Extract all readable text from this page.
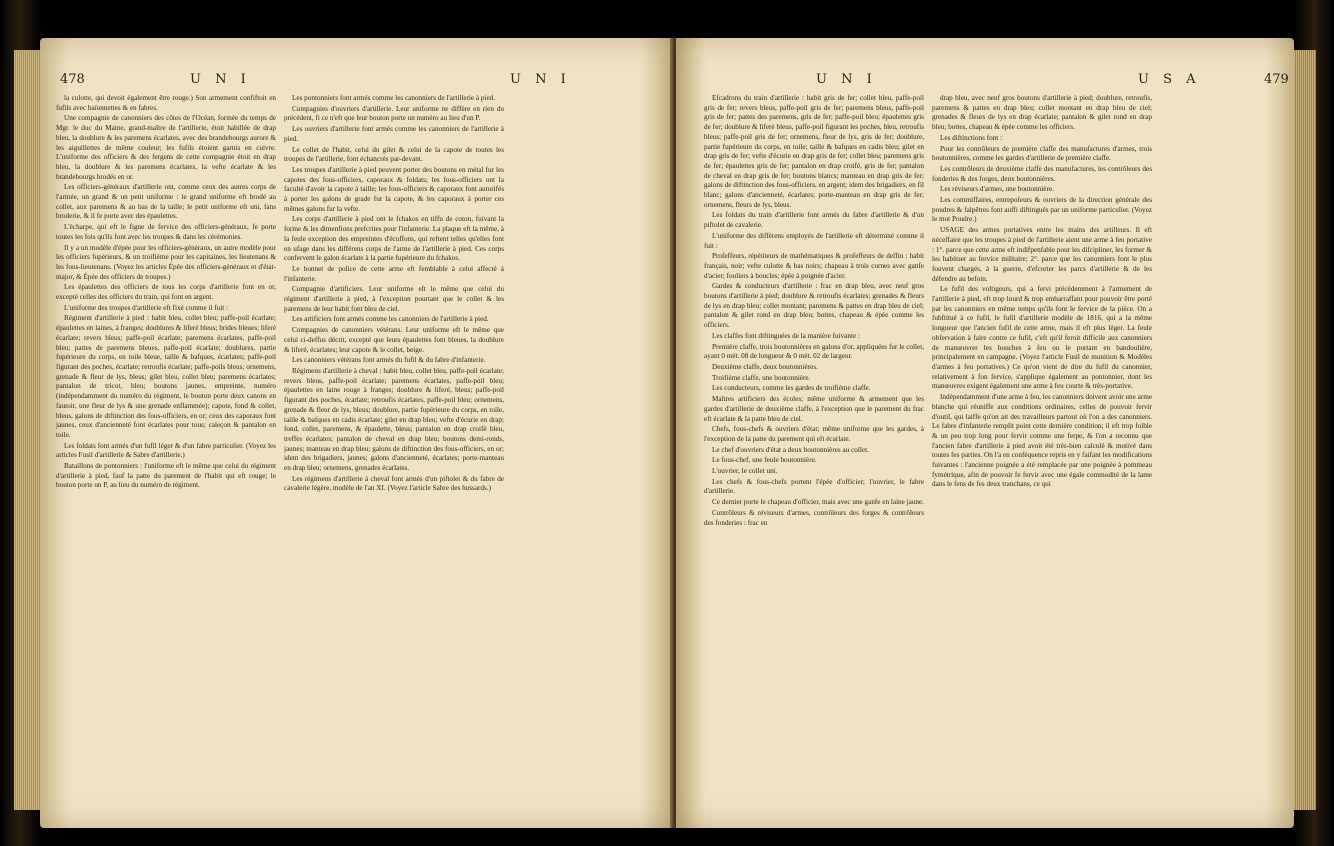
478	U N I	U N I

la culotte, qui devoit également être rouge.) Son armement confiftoit en fufils avec baïonnettes & en fabres.

Une compagnie de canonniers des côtes de l'Océan, formée du temps de Mgr. le duc du Maine, grand-maître de l'artillerie, étoit habillée de drap bleu, la doublure & les paremens écarlates, avec des brandebourgs aurore & les aiguillettes de même couleur; les fufils étoient garnis en cuivre. L'uniforme des officiers & des fergens de cette compagnie étoit en drap bleu, la doublure & les paremens écarlates, la vefte écarlate & les brandebourgs brodés en or.

Les officiers-généraux d'artillerie ont, comme ceux des autres corps de l'armée, un grand & un petit uniforme : le grand uniforme eft brodé au collet, aux paremens & au bas de la taille; le petit uniforme eft uni, fans broderie, & il fe porte avec des épaulettes.

L'écharpe, qui eft le figne de fervice des officiers-généraux, fe porte toutes les fois qu'ils font avec les troupes & dans les cérémonies.

Il y a un modèle d'épée pour les officiers-généraux, un autre modèle pour les officiers fupérieurs, & un troifième pour les capitaines, les lieutenans & les fous-lieutenans. (Voyez les articles Épée des officiers-généraux et d'état-major, & Épée des officiers de troupes.)

Les épaulettes des officiers de tous les corps d'artillerie font en or, excepté celles des officiers du train, qui font en argent.

L'uniforme des troupes d'artillerie eft fixé comme il fuit :

Régiment d'artillerie à pied : habit bleu, collet bleu; paffe-poil écarlate; épaulettes en laines, à franges; doublures & liferé bleus; brides bleues; liferé écarlate; revers bleus; paffe-poil écarlate; paremens écarlates, paffe-poil bleu; pattes de paremens bleues, paffe-poil écarlate; doublures, partie fupérieure du corps, en toile bleue, taille & bafques, écarlates; paffe-poil figurant des poches, écarlate; retroufis écarlate; paffe-poils bleus; ornemens, grenade & fleur de lys, bleus; gilet bleu, collet bleu; paremens écarlates; pantalon de tricot, bleu; boutons jaunes, empreinte, numéro (indépendamment du numéro du régiment, le bouton porte deux canons en fautoir, une fleur de lys & une grenade enflammée); capote, fond & collet, bleus, galons de diftinction des fous-officiers, en or; ceux des caporaux font jaunes, ceux d'ancienneté font écarlates pour tous; caleçon & pantalon en toile.

Les foldats font armés d'un fufil léger & d'un fabre particulier. (Voyez les articles Fusil d'artillerie & Sabre d'artillerie.)

Bataillons de pontonniers : l'uniforme eft le même que celui du régiment d'artillerie à pied, fauf la patte du parement de l'habit qui eft rouge; le bouton porte un P, au lieu du numéro de régiment.

Les pontonniers font armés comme les canonniers de l'artillerie à pied.

Compagnies d'ouvriers d'artillerie. Leur uniforme ne diffère en rien du précédent, fi ce n'eft que leur bouton porte un numéro au lieu d'un P.

Les ouvriers d'artillerie font armés comme les canonniers de l'artillerie à pied.

Le collet de l'habit, celui du gilet & celui de la capote de toutes les troupes de l'artillerie, font échancrés par-devant.

Les troupes d'artillerie à pied peuvent porter des boutons en métal fur les capotes des fous-officiers, caporaux & foldats; les fous-officiers ont la faculté d'avoir la capote à taille; les fous-officiers & caporaux font autorifés à porter les galons de grade fur la capote, & les caporaux à porter ces mêmes galons fur la vefte.

Les corps d'artillerie à pied ont le fchakos en tiffu de coton, fuivant la forme & les dimenfions prefcrites pour l'infanterie. La plaque eft la même, à la feule exception des empreintes d'écuffons, qui reftent telles qu'elles font en ufage dans les différens corps de l'arme de l'artillerie à pied. Ces corps confervent le galon écarlate à la partie fupérieure du fchakos.

Le bonnet de police de cette arme eft femblable à celui affecté à l'infanterie.

Compagnie d'artificiers. Leur uniforme eft le même que celui du régiment d'artillerie à pied, à l'exception pourtant que le collet & les paremens de leur habit font bleu de ciel.

Les artificiers font armés comme les canonniers de l'artillerie à pied.

Compagnies de canonniers vétérans. Leur uniforme eft le même que celui ci-deffus décrit, excepté que leurs épaulettes font bleues, la doublure & liferé, écarlates; leur capote & le collet, beige.

Les canonniers vétérans font armés du fufil & du fabre d'infanterie.

Régimens d'artillerie à cheval : habit bleu, collet bleu, paffe-poil écarlate; revers bleus, paffe-poil écarlate; paremens écarlates, paffe-poil bleu; épaulettes en laine rouge à franges; doublure & liferé, bleus; paffe-poil figurant des poches, écarlate; retroufis écarlates, paffe-poil bleu; ornemens, grenade & fleur de lys, bleus; doublure, partie fupérieure du corps, en toile, taille & bafques en cadis écarlate; gilet en drap bleu; vefte d'écurie en drap; fond, collet, paremens, & épaulette, bleus; pantalon en drap croifé bleu, treffes écarlates; pantalon de cheval en drap bleu; boutons demi-ronds, jaunes; manteau en drap bleu; galons de diftinction des fous-officiers, en or; idem des brigadiers, jaunes; galons d'ancienneté, écarlates; porte-manteau en drap bleu; ornemens, grenades écarlates.

Les régimens d'artillerie à cheval font armés d'un piftolet & du fabre de cavalerie légère, modèle de l'an XI. (Voyez l'article Sabre des hussards.)

479
U N I	U S A

Efcadrons du train d'artillerie : habit gris de fer; collet bleu, paffe-poil gris de fer; revers bleus, paffe-poil gris de fer; paremens bleus, paffe-poil gris de fer; pattes des paremens, gris de fer; paffe-poil bleu; épaulettes gris de fer; doublure & liferé bleus, paffe-poil figurant les poches, bleu, retroufis bleus; paffe-poil gris de fer; ornemens, fleur de lys, gris de fer; doublure, partie fupérieure du corps, en toile; taille & bafques en cadis bleu; gilet en drap gris de fer; vefte d'écurie en drap gris de fer; collet bleu; paremens gris de fer; épaulettes gris de fer; pantalon en drap croifé, gris de fer; pantalon de cheval en drap gris de fer; boutons blancs; manteau en drap gris de fer; galons de diftinction des fous-officiers, en argent; idem des brigadiers, en fil blanc; galons d'ancienneté, écarlates; porte-manteau en drap gris de fer; ornemens, fleurs de lys, bleus.

Les foldats du train d'artillerie font armés du fabre d'artillerie & d'un piftolet de cavalerie.

L'uniforme des différens employés de l'artillerie eft déterminé comme il fuit :

Profeffeurs, répétiteurs de mathématiques & profeffeurs de deffin : habit français, noir; vefte culotte & bas noirs; chapeau à trois cornes avec ganfe d'acier; fouliers à boucles; épée à poignée d'acier.

Gardes & conducteurs d'artillerie : frac en drap bleu, avec neuf gros boutons d'artillerie à pied; doublure & retroufis écarlates; grenades & fleurs de lys en drap bleu; collet montant; paremens & pattes en drap bleu de ciel; pantalon & gilet rond en drap bleu; bottes, chapeau & épée comme les officiers.

Les claffes font diftinguées de la manière fuivante :

Première claffe, trois boutonnières en galons d'or, appliquées fur le collet, ayant 0 mèt. 08 de longueur & 0 mèt. 02 de largeur.

Deuxième claffe, deux boutonnières.

Troifième claffe, une boutonnière.

Les conducteurs, comme les gardes de troifième claffe.

Maîtres artificiers des écoles; même uniforme & armement que les gardes d'artillerie de deuxième claffe, à l'exception que le parement du frac eft écarlate & la patte bleu de ciel.

Chefs, fous-chefs & ouvriers d'état; même uniforme que les gardes, à l'exception de la patte du parement qui eft écarlate.

Le chef d'ouvriers d'état a deux boutonnières au collet.

Le fous-chef, une feule boutonnière.

L'ouvrier, le collet uni.

Les chefs & fous-chefs portent l'épée d'officier; l'ouvrier, le fabre d'artillerie.

Ce dernier porte le chapeau d'officier, mais avec une ganfe en laine jaune.

Contrôleurs & réviseurs d'armes, contrôleurs des forges & contrôleurs des fonderies : frac en

drap bleu, avec neuf gros boutons d'artillerie à pied; doublure, retroufis, paremens & pattes en drap bleu; collet montant en drap bleu de ciel; grenades & fleurs de lys en drap écarlate; pantalon & gilet rond en drap bleu; bottes, chapeau & épée comme les officiers.

Les diftinctions font :

Pour les contrôleurs de première claffe des manufactures d'armes, trois boutonnières, comme les gardes d'artillerie de première claffe.

Les contrôleurs de deuxième claffe des manufactures, les contrôleurs des fonderies & des forges, deux boutonnières.

Les réviseurs d'armes, une boutonnière.

Les commiffaires, entrepofeurs & ouvriers de la direction générale des poudres & falpêtres font auffi diftingués par un uniforme particulier. (Voyez le mot Poudre.)

USAGE des armes portatives entre les mains des artilleurs. Il eft néceffaire que les troupes à pied de l'artillerie aient une arme à feu portative : 1°. parce que cette arme eft indifpenfable pour les difcipliner, les former & les habituer au fervice militaire; 2°. parce que les canonniers font le plus fouvent chargés, à la guerre, d'efcorter les parcs d'artillerie & de les défendre au befoin.

Le fufil des voltigeurs, qui a fervi précédemment à l'armement de l'artillerie à pied, eft trop lourd & trop embarraffant pour pouvoir être porté par les canonniers en même temps qu'ils font le fervice de la pièce. On a fubftitué à ce fufil, le fufil d'artillerie modèle de 1816, qui a la même longueur que l'ancien fufil de cette arme, mais il eft plus léger. La feule obfervation à faire contre ce fufil, c'eft qu'il feroit difficile aux canonniers de manœuvrer les bouches à feu ou le portant en bandoulière, principalement en campagne. (Voyez l'article Fusil de munition & Modèles d'armes à feu portatives.) Ce qu'on vient de dire du fufil du canonnier, relativement à fon fervice, s'applique également au pontonnier, dont les manœuvres exigent également une arme à feu courte & très-portative.

Indépendamment d'une arme à feu, les canonniers doivent avoir une arme blanche qui réuniffe aux conditions ordinaires, celles de pouvoir fervir d'outil, qui laiffe qu'on ait des travailleurs partout où l'on a des canonniers. Le fabre d'infanterie remplit point cette dernière condition; il eft trop foible & un peu trop long pour fervir comme une ferpe, & l'on a reconnu que l'ancien fabre d'artillerie à pied avoit été très-bien calculé & motivé dans toutes fes parties. On l'a en conféquence repris en y faifant les modifications fuivantes : l'ancienne poignée a été remplacée par une poignée à pommeau fymétrique, afin de pouvoir fe fervir avec une égale commodité de la lame dans le fens de fes deux tranchans, ce qui
